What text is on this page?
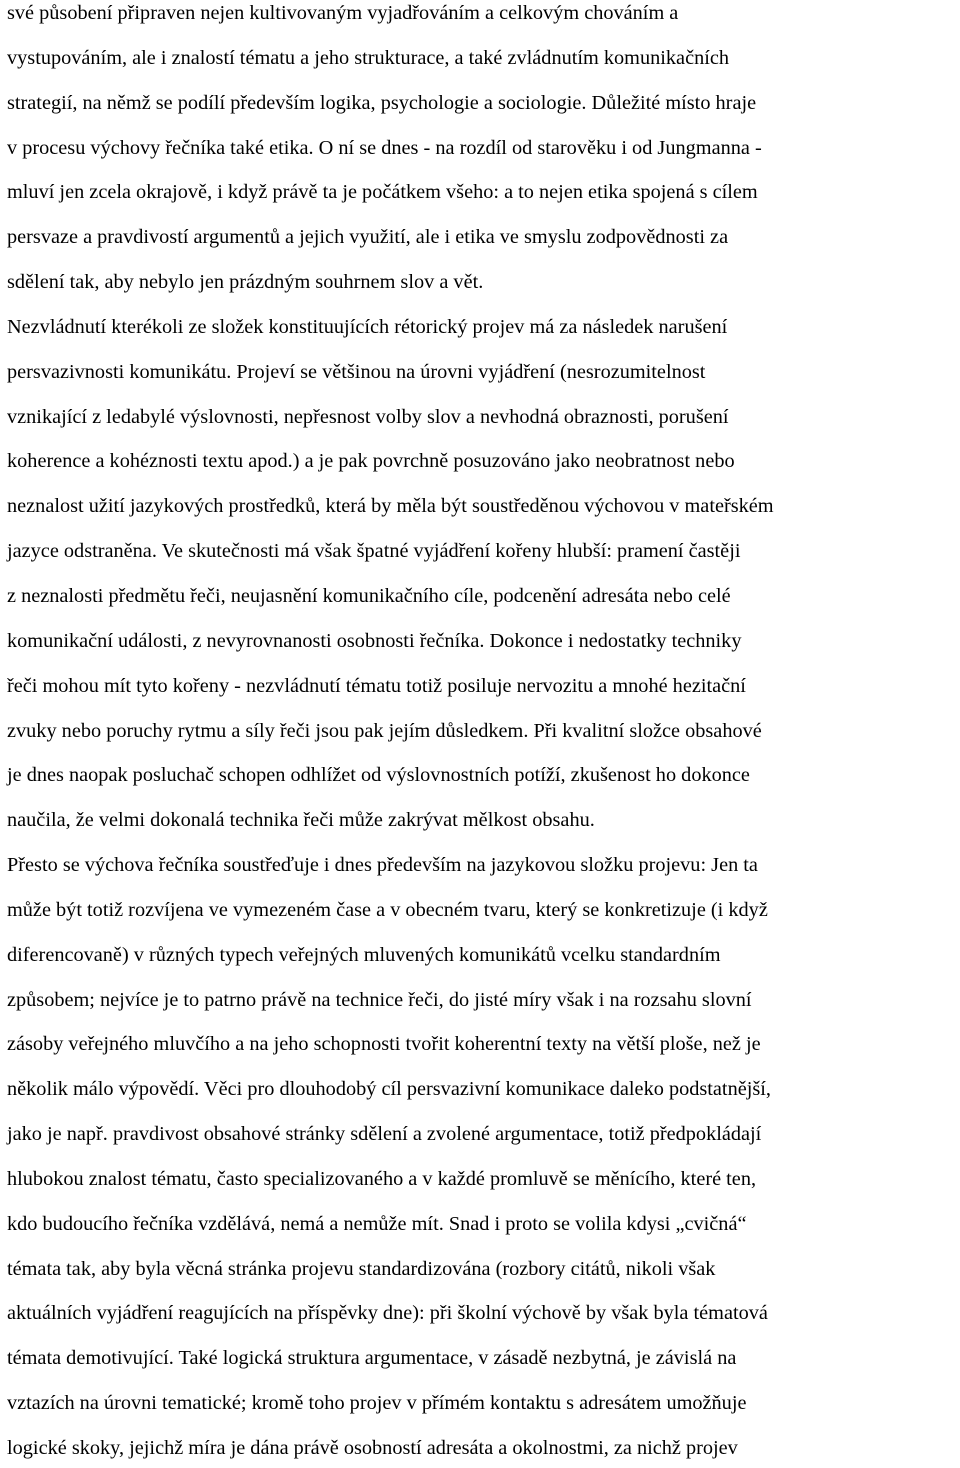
své působení připraven nejen kultivovaným vyjadřováním a celkovým chováním a
vystupováním, ale i znalostí tématu a jeho strukturace, a také zvládnutím komunikačních
strategií, na němž se podílí především logika, psychologie a sociologie. Důležité místo hraje
v procesu výchovy řečníka také etika. O ní se dnes - na rozdíl od starověku i od Jungmanna -
mluví jen zcela okrajově, i když právě ta je počátkem všeho: a to nejen etika spojená s cílem
persvaze a pravdivostí argumentů a jejich využití, ale i etika ve smyslu zodpovědnosti za
sdělení tak, aby nebylo jen prázdným souhrnem slov a vět.
Nezvládnutí kterékoli ze složek konstituujících rétorický projev má za následek narušení
persvazivnosti komunikátu. Projeví se většinou na úrovni vyjádření (nesrozumitelnost
vznikající z ledabylé výslovnosti, nepřesnost volby slov a nevhodná obraznosti, porušení
koherence a kohéznosti textu apod.) a je pak povrchně posuzováno jako neobratnost nebo
neznalost užití jazykových prostředků, která by měla být soustředěnou výchovou v mateřském
jazyce odstraněna. Ve skutečnosti má však špatné vyjádření kořeny hlubší: pramení častěji
z neznalosti předmětu řeči, neujasnění komunikačního cíle, podcenění adresáta nebo celé
komunikační události, z nevyrovnanosti osobnosti řečníka. Dokonce i nedostatky techniky
řeči mohou mít tyto kořeny - nezvládnutí tématu totiž posiluje nervozitu a mnohé hezitační
zvuky nebo poruchy rytmu a síly řeči jsou pak jejím důsledkem. Při kvalitní složce obsahové
je dnes naopak posluchač schopen odhlížet od výslovnostních potíží, zkušenost ho dokonce
naučila, že velmi dokonalá technika řeči může zakrývat mělkost obsahu.
Přesto se výchova řečníka soustřeďuje i dnes především na jazykovou složku projevu: Jen ta
může být totiž rozvíjena ve vymezeném čase a v obecném tvaru, který se konkretizuje (i když
diferencovaně) v různých typech veřejných mluvených komunikátů vcelku standardním
způsobem; nejvíce je to patrno právě na technice řeči, do jisté míry však i na rozsahu slovní
zásoby veřejného mluvčího a na jeho schopnosti tvořit koherentní texty na větší ploše, než je
několik málo výpovědí. Věci pro dlouhodobý cíl persvazivní komunikace daleko podstatnější,
jako je např. pravdivost obsahové stránky sdělení a zvolené argumentace, totiž předpokládají
hlubokou znalost tématu, často specializovaného a v každé promluvě se měnícího, které ten,
kdo budoucího řečníka vzdělává, nemá a nemůže mít. Snad i proto se volila kdysi „cvičná“
témata tak, aby byla věcná stránka projevu standardizována (rozbory citátů, nikoli však
aktuálních vyjádření reagujících na příspěvky dne): při školní výchově by však byla tématová
témata demotivující. Také logická struktura argumentace, v zásadě nezbytná, je závislá na
vztazích na úrovni tematické; kromě toho projev v přímém kontaktu s adresátem umožňuje
logické skoky, jejichž míra je dána právě osobností adresáta a okolnostmi, za nichž projev
